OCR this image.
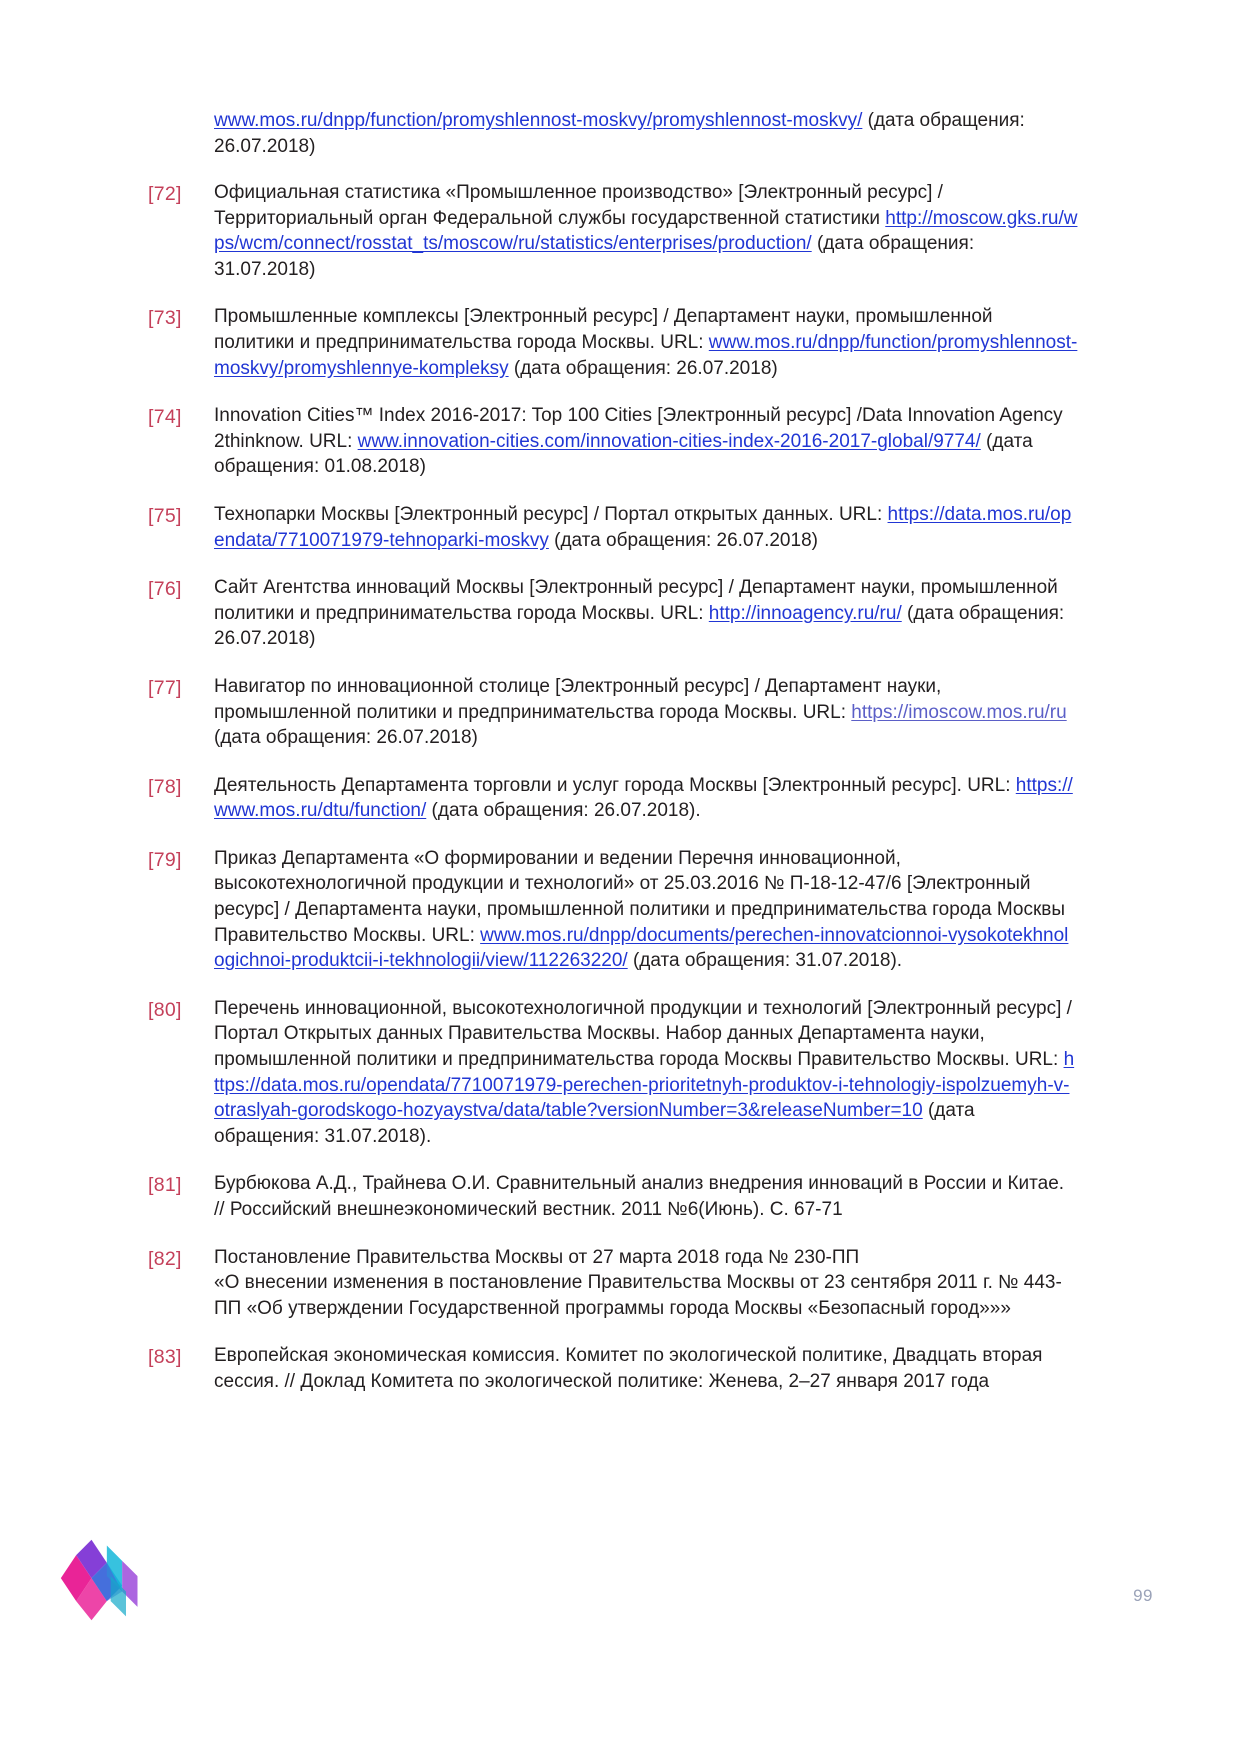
www.mos.ru/dnpp/function/promyshlennost-moskvy/promyshlennost-moskvy/ (дата обращения: 26.07.2018)
[72]	Официальная статистика «Промышленное производство» [Электронный ресурс] / Территориальный орган Федеральной службы государственной статистики http://moscow.gks.ru/wps/wcm/connect/rosstat_ts/moscow/ru/statistics/enterprises/production/ (дата обращения: 31.07.2018)
[73]	Промышленные комплексы [Электронный ресурс] / Департамент науки, промышленной политики и предпринимательства города Москвы. URL: www.mos.ru/dnpp/function/promyshlennost-moskvy/promyshlennye-kompleksy (дата обращения: 26.07.2018)
[74]	Innovation Cities™ Index 2016-2017: Top 100 Cities [Электронный ресурс] /Data Innovation Agency 2thinknow. URL: www.innovation-cities.com/innovation-cities-index-2016-2017-global/9774/ (дата обращения: 01.08.2018)
[75]	Технопарки Москвы [Электронный ресурс] / Портал открытых данных. URL: https://data.mos.ru/opendata/7710071979-tehnoparki-moskvy (дата обращения: 26.07.2018)
[76]	Сайт Агентства инноваций Москвы [Электронный ресурс] / Департамент науки, промышленной политики и предпринимательства города Москвы. URL: http://innoagency.ru/ru/ (дата обращения: 26.07.2018)
[77]	Навигатор по инновационной столице [Электронный ресурс] / Департамент науки, промышленной политики и предпринимательства города Москвы. URL: https://imoscow.mos.ru/ru (дата обращения: 26.07.2018)
[78]	Деятельность Департамента торговли и услуг города Москвы [Электронный ресурс]. URL: https://www.mos.ru/dtu/function/ (дата обращения: 26.07.2018).
[79]	Приказ Департамента «О формировании и ведении Перечня инновационной, высокотехнологичной продукции и технологий» от 25.03.2016 № П-18-12-47/6 [Электронный ресурс] / Департамента науки, промышленной политики и предпринимательства города Москвы Правительство Москвы. URL: www.mos.ru/dnpp/documents/perechen-innovatcionnoi-vysokotekhnologichnoi-produktcii-i-tekhnologii/view/112263220/ (дата обращения: 31.07.2018).
[80]	Перечень инновационной, высокотехнологичной продукции и технологий [Электронный ресурс] / Портал Открытых данных Правительства Москвы. Набор данных Департамента науки, промышленной политики и предпринимательства города Москвы Правительство Москвы. URL: https://data.mos.ru/opendata/7710071979-perechen-prioritetnyh-produktov-i-tehnologiy-ispolzuemyh-v-otraslyah-gorodskogo-hozyaystva/data/table?versionNumber=3&releaseNumber=10 (дата обращения: 31.07.2018).
[81]	Бурбюкова А.Д., Трайнева О.И. Сравнительный анализ внедрения инноваций в России и Китае. // Российский внешнеэкономический вестник. 2011 №6(Июнь). С. 67-71
[82]	Постановление Правительства Москвы от 27 марта 2018 года № 230-ПП
«О внесении изменения в постановление Правительства Москвы от 23 сентября 2011 г. № 443-ПП «Об утверждении Государственной программы города Москвы «Безопасный город»»»
[83]	Европейская экономическая комиссия. Комитет по экологической политике, Двадцать вторая сессия. // Доклад Комитета по экологической политике: Женева, 2–27 января 2017 года
99
